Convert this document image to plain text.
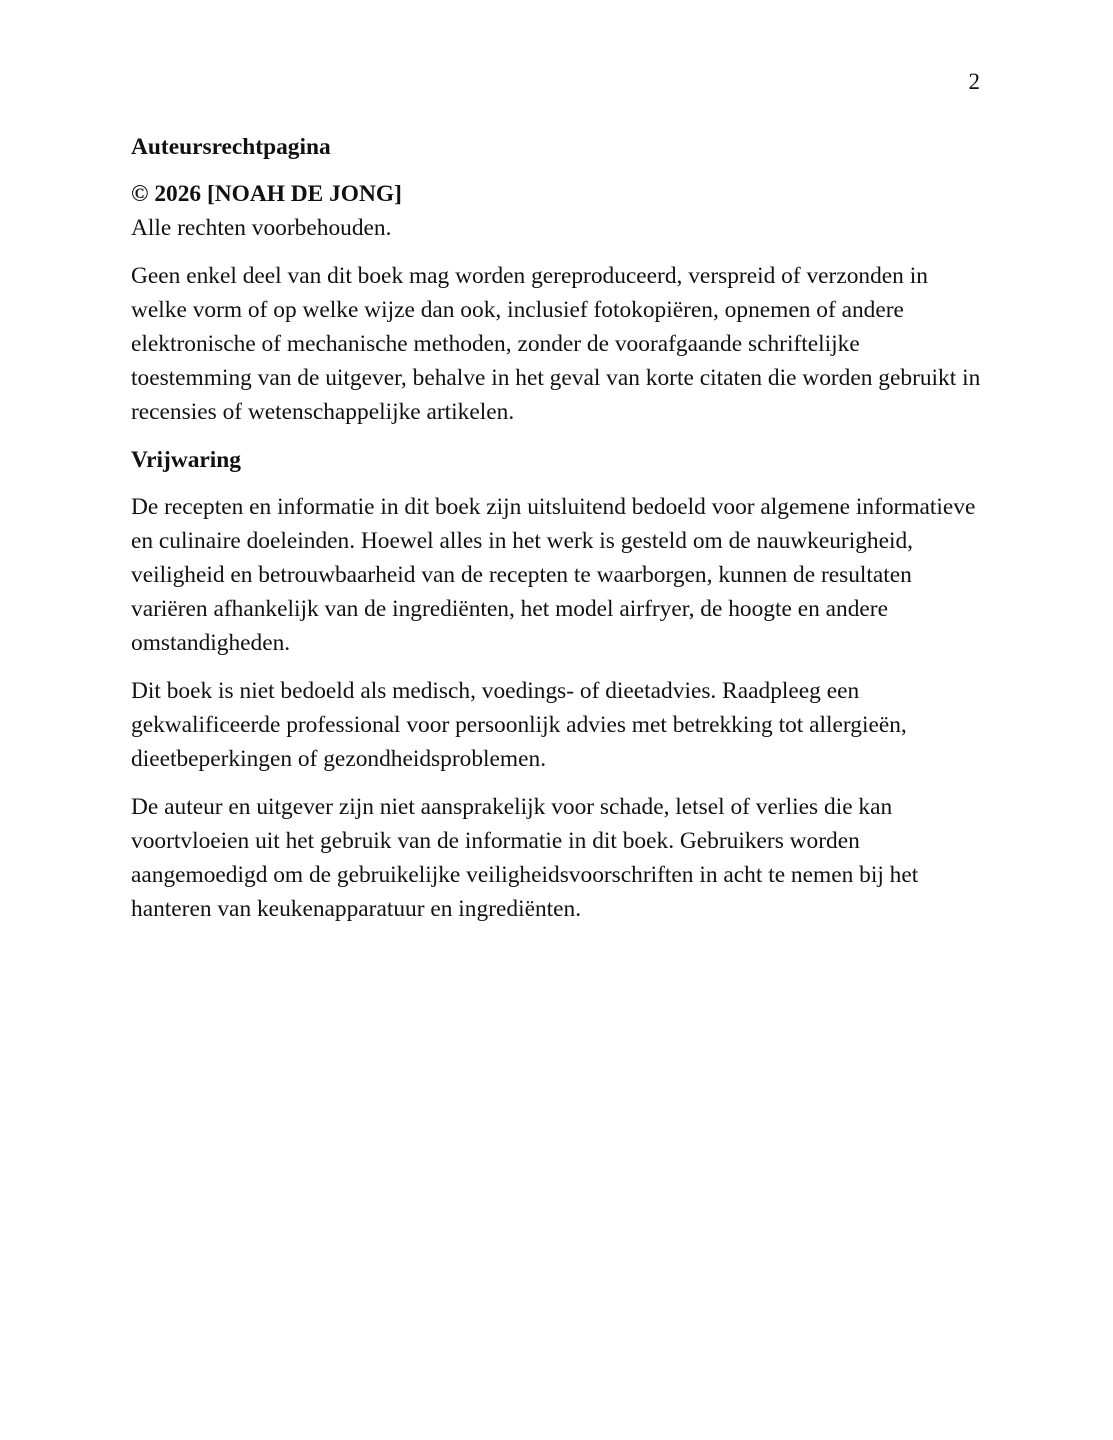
2
Auteursrechtpagina
© 2026 [NOAH DE JONG]
Alle rechten voorbehouden.

Geen enkel deel van dit boek mag worden gereproduceerd, verspreid of verzonden in welke vorm of op welke wijze dan ook, inclusief fotokopiëren, opnemen of andere elektronische of mechanische methoden, zonder de voorafgaande schriftelijke toestemming van de uitgever, behalve in het geval van korte citaten die worden gebruikt in recensies of wetenschappelijke artikelen.

Vrijwaring

De recepten en informatie in dit boek zijn uitsluitend bedoeld voor algemene informatieve en culinaire doeleinden. Hoewel alles in het werk is gesteld om de nauwkeurigheid, veiligheid en betrouwbaarheid van de recepten te waarborgen, kunnen de resultaten variëren afhankelijk van de ingrediënten, het model airfryer, de hoogte en andere omstandigheden.

Dit boek is niet bedoeld als medisch, voedings- of dieetadvies. Raadpleeg een gekwalificeerde professional voor persoonlijk advies met betrekking tot allergieën, dieetbeperkingen of gezondheidsproblemen.

De auteur en uitgever zijn niet aansprakelijk voor schade, letsel of verlies die kan voortvloeien uit het gebruik van de informatie in dit boek. Gebruikers worden aangemoedigd om de gebruikelijke veiligheidsvoorschriften in acht te nemen bij het hanteren van keukenapparatuur en ingrediënten.
